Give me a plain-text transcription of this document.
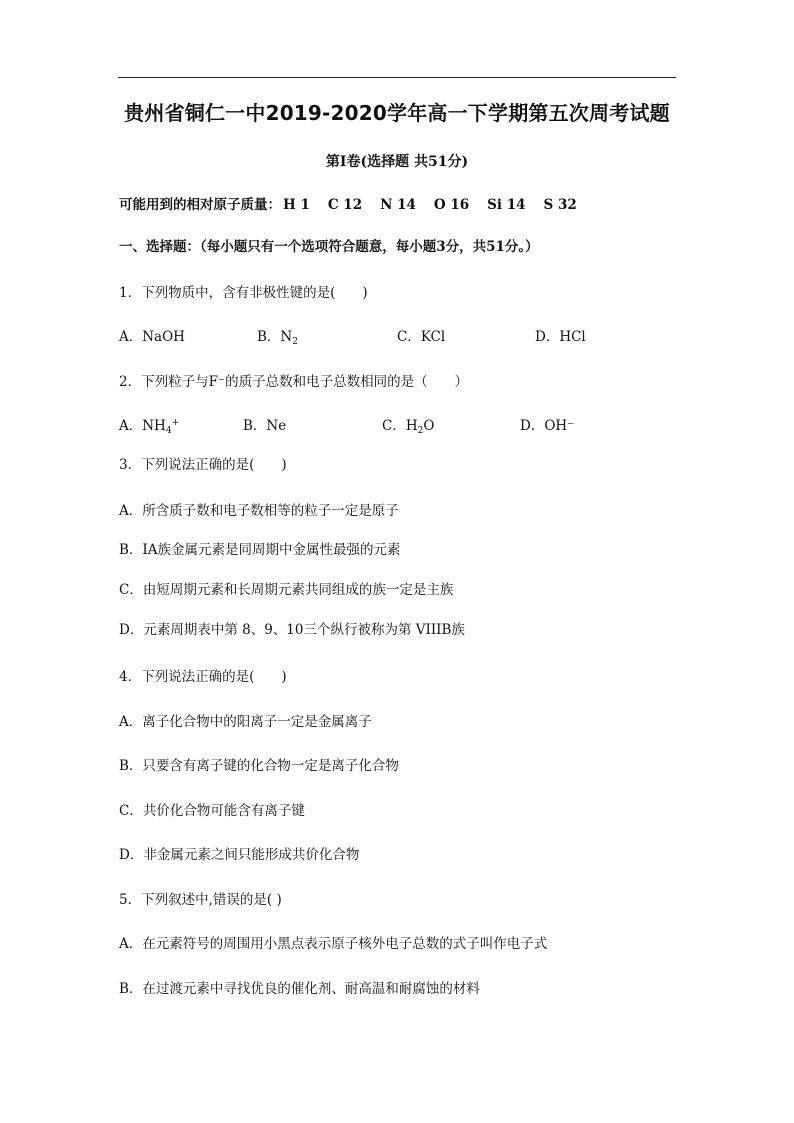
贵州省铜仁一中2019-2020学年高一下学期第五次周考试题
第Ⅰ卷(选择题 共51分)
可能用到的相对原子质量： H 1 C 12 N 14 O 16 Si 14 S 32
一、选择题：（每小题只有一个选项符合题意，每小题3分，共51分。）
1．下列物质中，含有非极性键的是(　　)
A．NaOH	B．$N_2$	C．KCl	D．HCl
2．下列粒子与F⁻的质子总数和电子总数相同的是（　　）
A．$NH_4^+$	B．Ne	C．$H_2O$	D．OH⁻
3．下列说法正确的是(　　)
A．所含质子数和电子数相等的粒子一定是原子
B．ⅠA族金属元素是同周期中金属性最强的元素
C．由短周期元素和长周期元素共同组成的族一定是主族
D．元素周期表中第 8、9、10三个纵行被称为第 VIIIB族
4．下列说法正确的是(　　)
A．离子化合物中的阳离子一定是金属离子
B．只要含有离子键的化合物一定是离子化合物
C．共价化合物可能含有离子键
D．非金属元素之间只能形成共价化合物
5．下列叙述中,错误的是( )
A．在元素符号的周围用小黑点表示原子核外电子总数的式子叫作电子式
B．在过渡元素中寻找优良的催化剂、耐高温和耐腐蚀的材料
